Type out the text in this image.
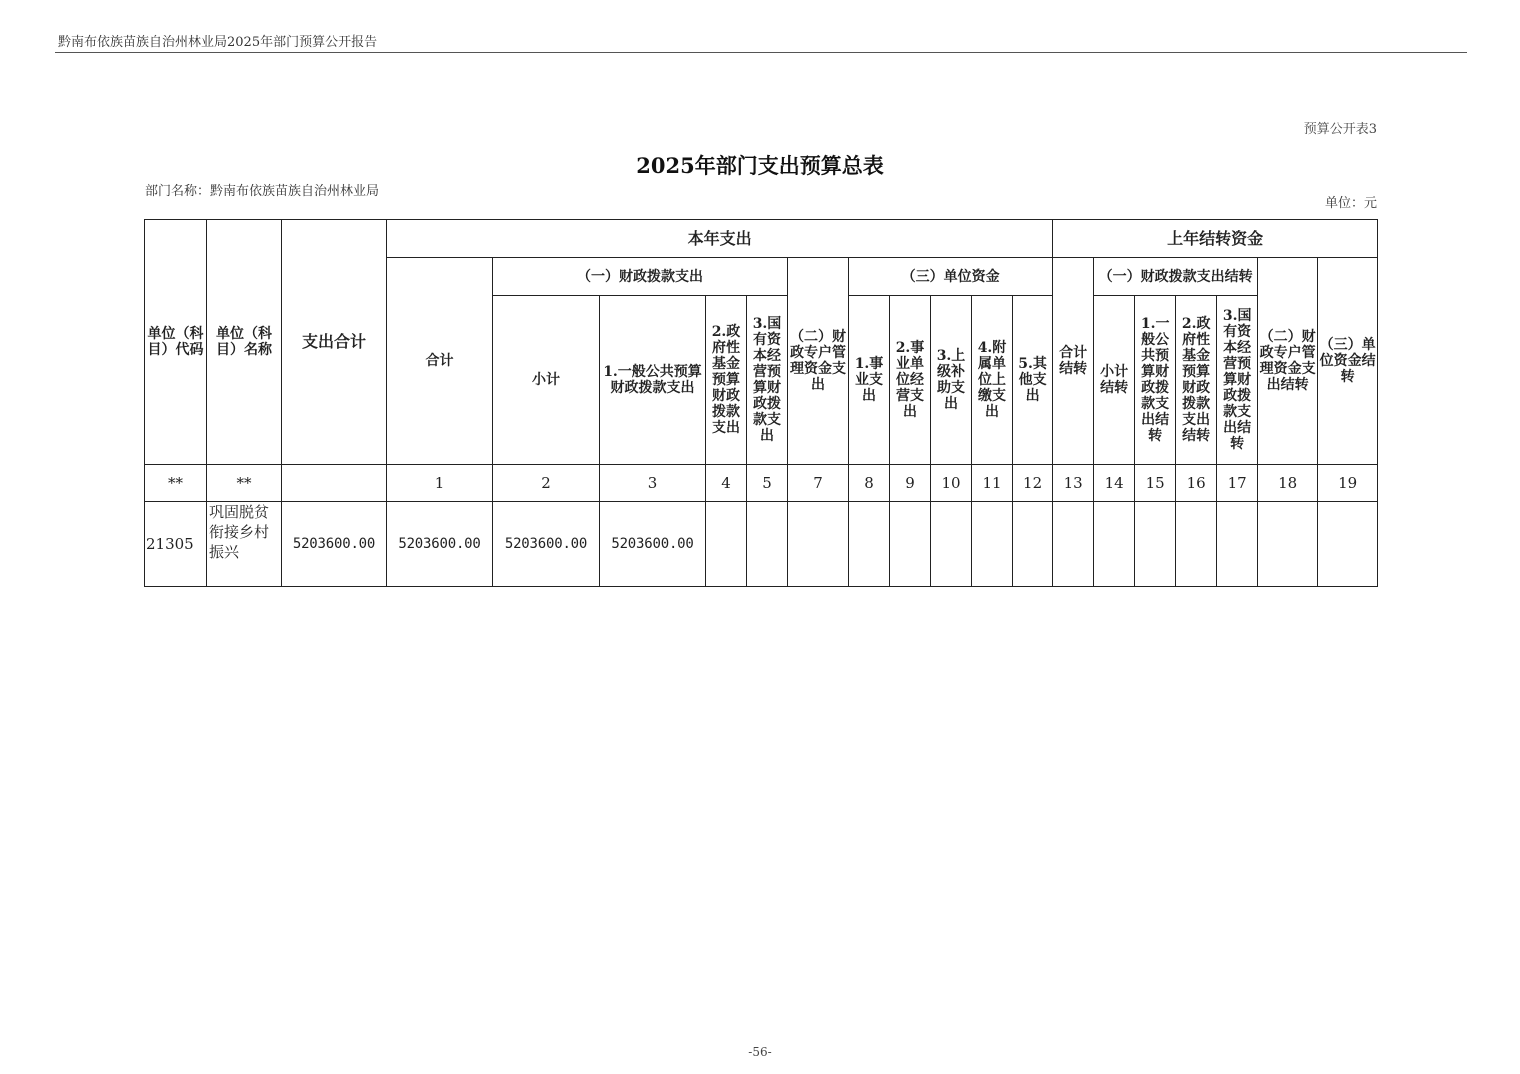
黔南布依族苗族自治州林业局2025年部门预算公开报告
预算公开表3
2025年部门支出预算总表
部门名称：黔南布依族苗族自治州林业局
单位：元
单位（科目）代码	单位（科目）名称	支出合计	本年支出											上年结转资金						
			合计	（一）财政拨款支出				（二）财政专户管理资金支出	（三）单位资金					合计结转	（一）财政拨款支出结转				（二）财政专户管理资金支出结转	（三）单位资金结转
				小计	1.一般公共预算财政拨款支出	2.政府性基金预算财政拨款支出	3.国有资本经营预算财政拨款支出		1.事业支出	2.事业单位经营支出	3.上级补助支出	4.附属单位上缴支出	5.其他支出		小计结转	1.一般公共预算财政拨款支出结转	2.政府性基金预算财政拨款支出结转	3.国有资本经营预算财政拨款支出结转		
**	**		1	2	3	4	5	7	8	9	10	11	12	13	14	15	16	17	18	19
21305	巩固脱贫衔接乡村振兴	5203600.00	5203600.00	5203600.00	5203600.00															
-56-
